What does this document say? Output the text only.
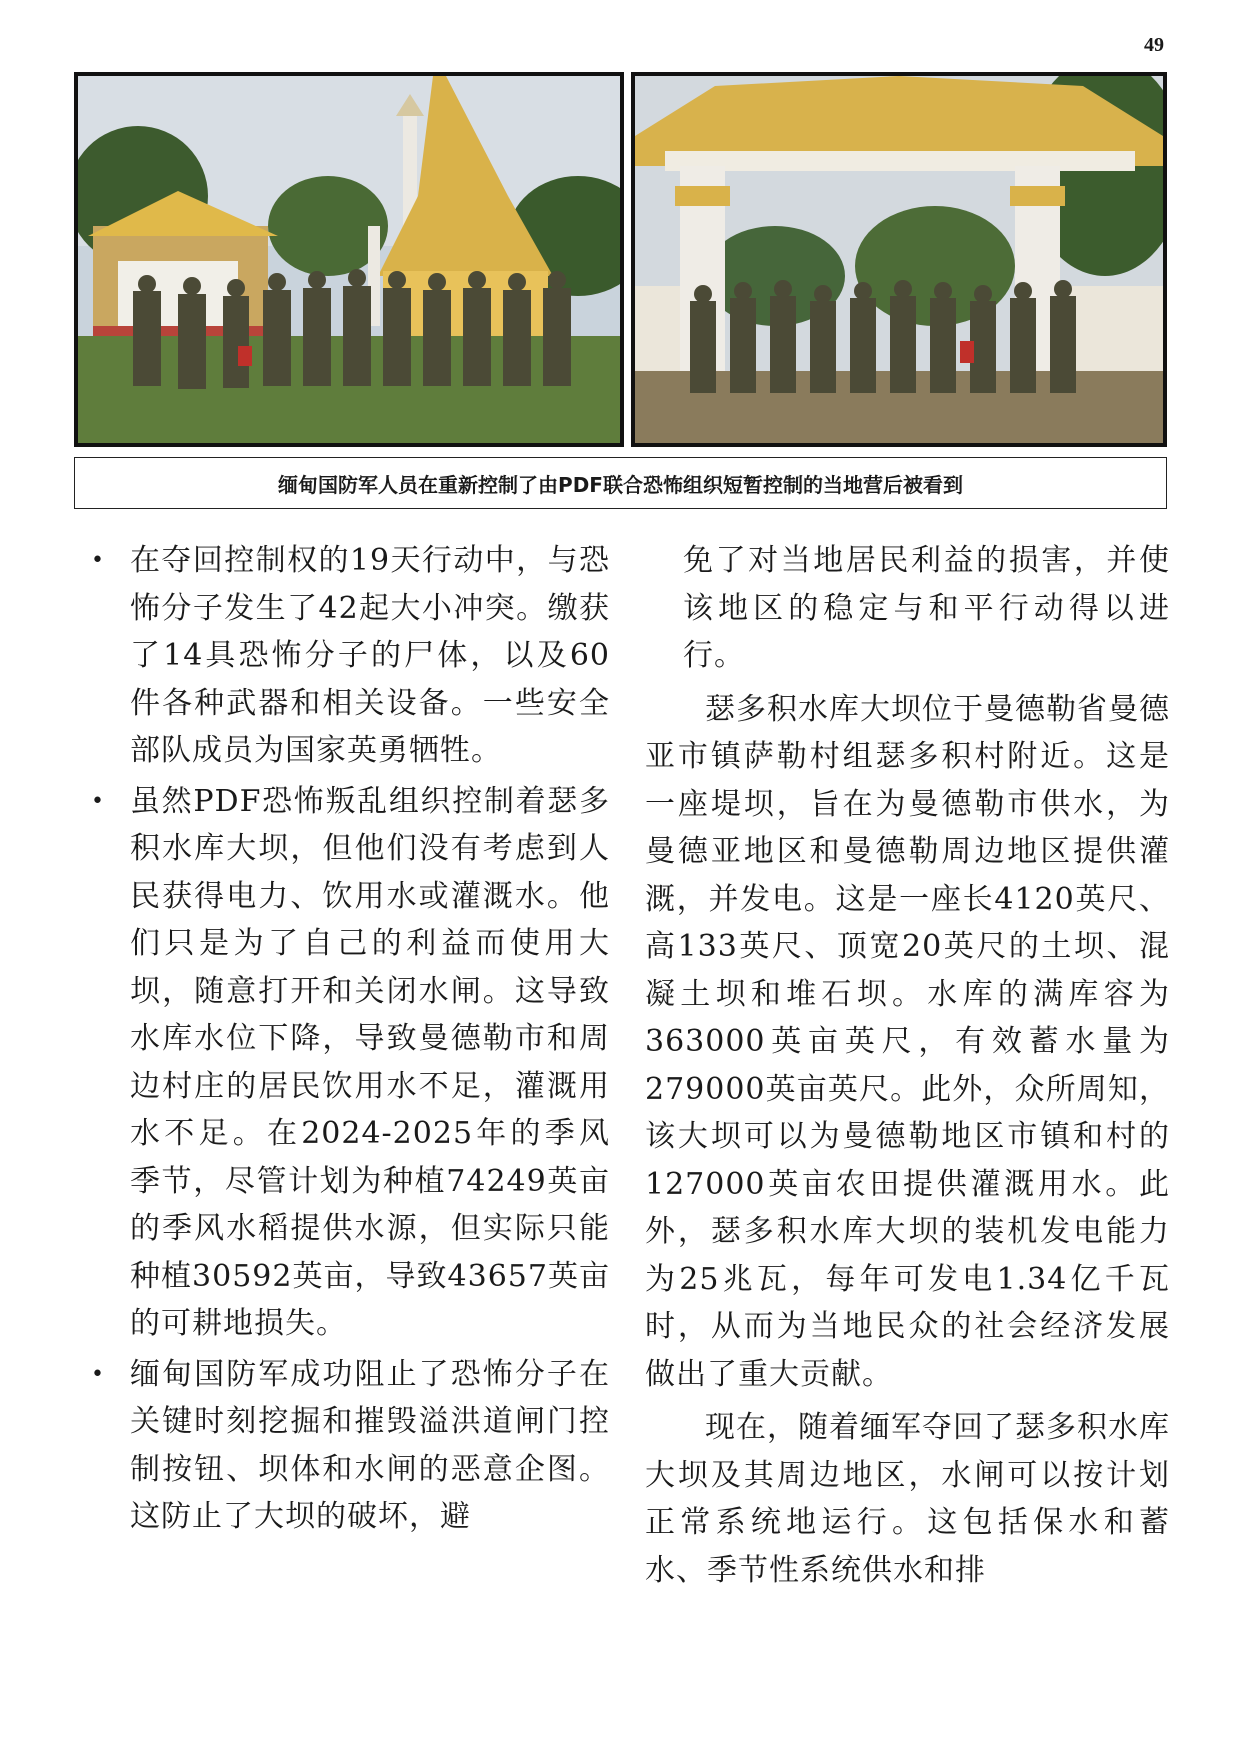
49
缅甸国防军人员在重新控制了由PDF联合恐怖组织短暂控制的当地营后被看到

• 在夺回控制权的19天行动中，与恐怖分子发生了42起大小冲突。缴获了14具恐怖分子的尸体，以及60件各种武器和相关设备。一些安全部队成员为国家英勇牺牲。

• 虽然PDF恐怖叛乱组织控制着瑟多积水库大坝，但他们没有考虑到人民获得电力、饮用水或灌溉水。他们只是为了自己的利益而使用大坝，随意打开和关闭水闸。这导致水库水位下降，导致曼德勒市和周边村庄的居民饮用水不足，灌溉用水不足。在2024-2025年的季风季节，尽管计划为种植74249英亩的季风水稻提供水源，但实际只能种植30592英亩，导致43657英亩的可耕地损失。

• 缅甸国防军成功阻止了恐怖分子在关键时刻挖掘和摧毁溢洪道闸门控制按钮、坝体和水闸的恶意企图。这防止了大坝的破坏，避

免了对当地居民利益的损害，并使该地区的稳定与和平行动得以进行。

瑟多积水库大坝位于曼德勒省曼德亚市镇萨勒村组瑟多积村附近。这是一座堤坝，旨在为曼德勒市供水，为曼德亚地区和曼德勒周边地区提供灌溉，并发电。这是一座长4120英尺、高133英尺、顶宽20英尺的土坝、混凝土坝和堆石坝。水库的满库容为363000英亩英尺，有效蓄水量为279000英亩英尺。此外，众所周知，该大坝可以为曼德勒地区市镇和村的127000英亩农田提供灌溉用水。此外，瑟多积水库大坝的装机发电能力为25兆瓦，每年可发电1.34亿千瓦时，从而为当地民众的社会经济发展做出了重大贡献。

现在，随着缅军夺回了瑟多积水库大坝及其周边地区，水闸可以按计划正常系统地运行。这包括保水和蓄水、季节性系统供水和排
